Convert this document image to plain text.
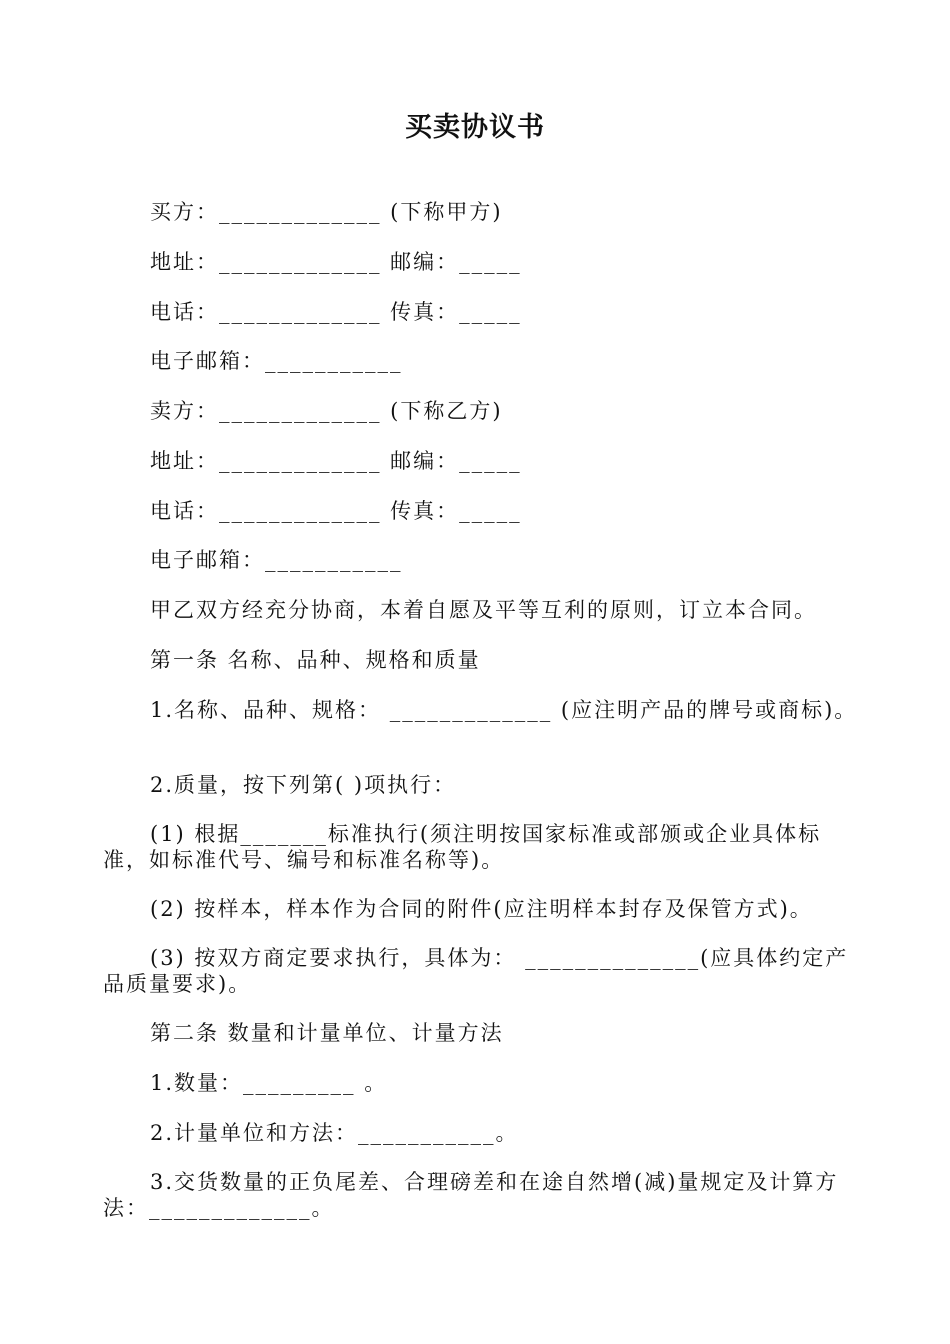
买卖协议书
买方：_____________ (下称甲方)
地址：_____________ 邮编：_____
电话：_____________ 传真：_____
电子邮箱：___________
卖方：_____________ (下称乙方)
地址：_____________ 邮编：_____
电话：_____________ 传真：_____
电子邮箱：___________
甲乙双方经充分协商，本着自愿及平等互利的原则，订立本合同。
第一条 名称、品种、规格和质量
1.名称、品种、规格： _____________ (应注明产品的牌号或商标)。
2.质量，按下列第( )项执行：
(1) 根据_______标准执行(须注明按国家标准或部颁或企业具体标准，如标准代号、编号和标准名称等)。
(2) 按样本，样本作为合同的附件(应注明样本封存及保管方式)。
(3) 按双方商定要求执行，具体为： ______________(应具体约定产品质量要求)。
第二条 数量和计量单位、计量方法
1.数量：_________ 。
2.计量单位和方法：___________。
3.交货数量的正负尾差、合理磅差和在途自然增(减)量规定及计算方法：_____________。
